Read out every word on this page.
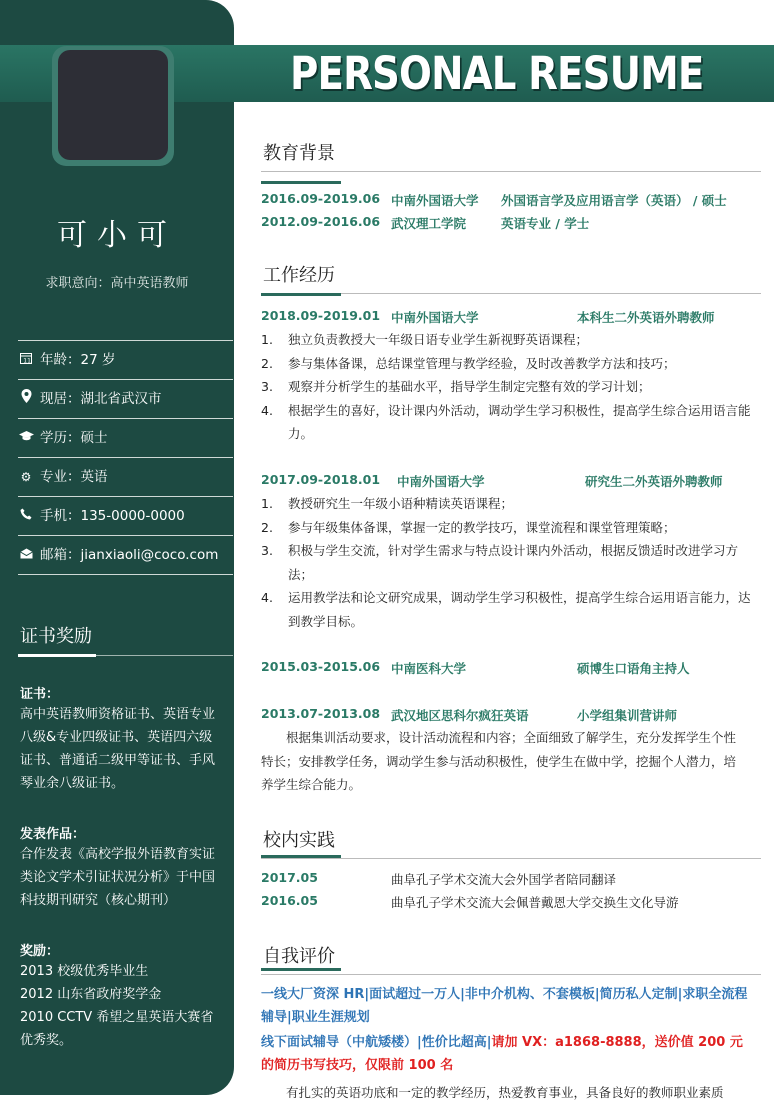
PERSONAL RESUME
可小可
求职意向：高中英语教师
11 年龄：27 岁
现居：湖北省武汉市
学历：硕士
⚙ 专业：英语
手机：135-0000-0000
邮箱：jianxiaoli@coco.com
证书奖励
证书：
高中英语教师资格证书、英语专业八级&专业四级证书、英语四六级证书、普通话二级甲等证书、手风琴业余八级证书。
发表作品：
合作发表《高校学报外语教育实证类论文学术引证状况分析》于中国科技期刊研究（核心期刊）
奖励：
2013 校级优秀毕业生
2012 山东省政府奖学金
2010 CCTV 希望之星英语大赛省优秀奖。
教育背景
2016.09-2019.06 中南外国语大学 外国语言学及应用语言学（英语） / 硕士
2012.09-2016.06 武汉理工学院	英语专业 / 学士
工作经历
2018.09-2019.01 中南外国语大学	本科生二外英语外聘教师
1. 独立负责教授大一年级日语专业学生新视野英语课程；
2. 参与集体备课，总结课堂管理与教学经验，及时改善教学方法和技巧；
3. 观察并分析学生的基础水平，指导学生制定完整有效的学习计划；
4. 根据学生的喜好，设计课内外活动，调动学生学习积极性，提高学生综合运用语言能力。
2017.09-2018.01 中南外国语大学	研究生二外英语外聘教师
1. 教授研究生一年级小语种精读英语课程；
2. 参与年级集体备课，掌握一定的教学技巧，课堂流程和课堂管理策略；
3. 积极与学生交流，针对学生需求与特点设计课内外活动，根据反馈适时改进学习方法；
4. 运用教学法和论文研究成果，调动学生学习积极性，提高学生综合运用语言能力，达到教学目标。
2015.03-2015.06 中南医科大学	硕博生口语角主持人
2013.07-2013.08 武汉地区思科尔疯狂英语	小学组集训营讲师
根据集训活动要求，设计活动流程和内容；全面细致了解学生，充分发挥学生个性特长；安排教学任务，调动学生参与活动积极性，使学生在做中学，挖掘个人潜力，培养学生综合能力。
校内实践
2017.05	曲阜孔子学术交流大会外国学者陪同翻译
2016.05	曲阜孔子学术交流大会佩普戴恩大学交换生文化导游
自我评价
一线大厂资深 HR|面试超过一万人|非中介机构、不套模板|简历私人定制|求职全流程辅导|职业生涯规划
线下面试辅导（中航矮楼）|性价比超高|请加 VX：a1868-8888，送价值 200 元的简历书写技巧，仅限前 100 名
有扎实的英语功底和一定的教学经历，热爱教育事业，具备良好的教师职业素质
